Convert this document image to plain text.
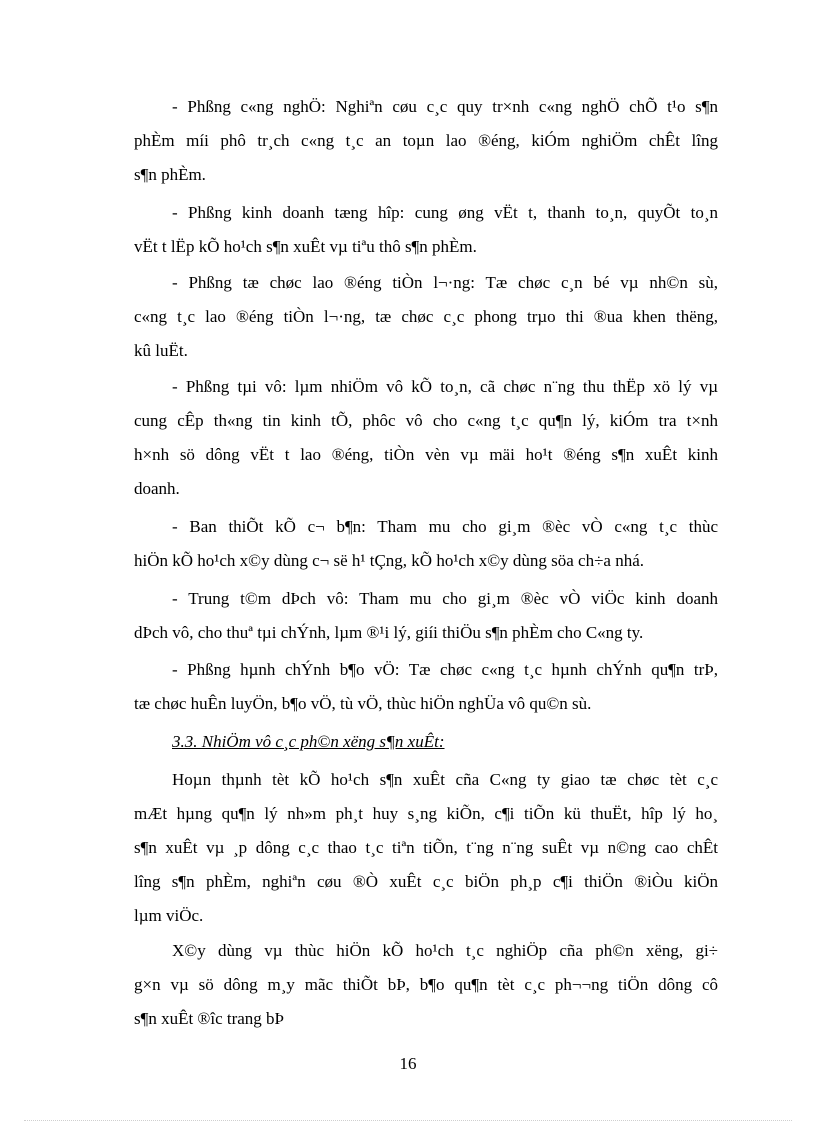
- Phßng c«ng nghÖ: Nghiªn cøu c¸c quy tr×nh c«ng nghÖ chÕ t¹o s¶n
phÈm míi phô tr¸ch c«ng t¸c an toµn lao ®éng, kiÓm nghiÖm chÊt lîng
s¶n phÈm.
- Phßng kinh doanh tæng hîp: cung øng vËt t, thanh to¸n, quyÕt to¸n
vËt t lËp kÕ ho¹ch s¶n xuÊt vµ tiªu thô s¶n phÈm.
- Phßng tæ chøc lao ®éng tiÒn l¬·ng: Tæ chøc c¸n bé vµ nh©n sù,
c«ng t¸c lao ®éng tiÒn l¬·ng, tæ chøc c¸c phong trµo thi ®ua khen thëng,
kû luËt.
- Phßng tµi vô: lµm nhiÖm vô kÕ to¸n, cã chøc n¨ng thu thËp xö lý vµ
cung cÊp th«ng tin kinh tÕ, phôc vô cho c«ng t¸c qu¶n lý, kiÓm tra t×nh
h×nh sö dông vËt t lao ®éng, tiÒn vèn vµ mäi ho¹t ®éng s¶n xuÊt kinh
doanh.
- Ban thiÕt kÕ c¬ b¶n: Tham mu cho gi¸m ®èc vÒ c«ng t¸c thùc
hiÖn kÕ ho¹ch x©y dùng c¬ së h¹ tÇng, kÕ ho¹ch x©y dùng söa ch÷a nhá.
- Trung t©m dÞch vô: Tham mu cho gi¸m ®èc vÒ viÖc kinh doanh
dÞch vô, cho thuª tµi chÝnh, lµm ®¹i lý, giíi thiÖu s¶n phÈm cho C«ng ty.
- Phßng hµnh chÝnh b¶o vÖ: Tæ chøc c«ng t¸c hµnh chÝnh qu¶n trÞ,
tæ chøc huÊn luyÖn, b¶o vÖ, tù vÖ, thùc hiÖn nghÜa vô qu©n sù.

3.3. NhiÖm vô c¸c ph©n xëng s¶n xuÊt:

Hoµn thµnh tèt kÕ ho¹ch s¶n xuÊt cña C«ng ty giao tæ chøc tèt c¸c
mÆt hµng qu¶n lý nh»m ph¸t huy s¸ng kiÕn, c¶i tiÕn kü thuËt, hîp lý ho¸
s¶n xuÊt vµ ¸p dông c¸c thao t¸c tiªn tiÕn, t¨ng n¨ng suÊt vµ n©ng cao chÊt
lîng s¶n phÈm, nghiªn cøu ®Ò xuÊt c¸c biÖn ph¸p c¶i thiÖn ®iÒu kiÖn
lµm viÖc.
X©y dùng vµ thùc hiÖn kÕ ho¹ch t¸c nghiÖp cña ph©n xëng, gi÷
g×n vµ sö dông m¸y mãc thiÕt bÞ, b¶o qu¶n tèt c¸c ph¬¬ng tiÖn dông cô
s¶n xuÊt ®îc trang bÞ
16
